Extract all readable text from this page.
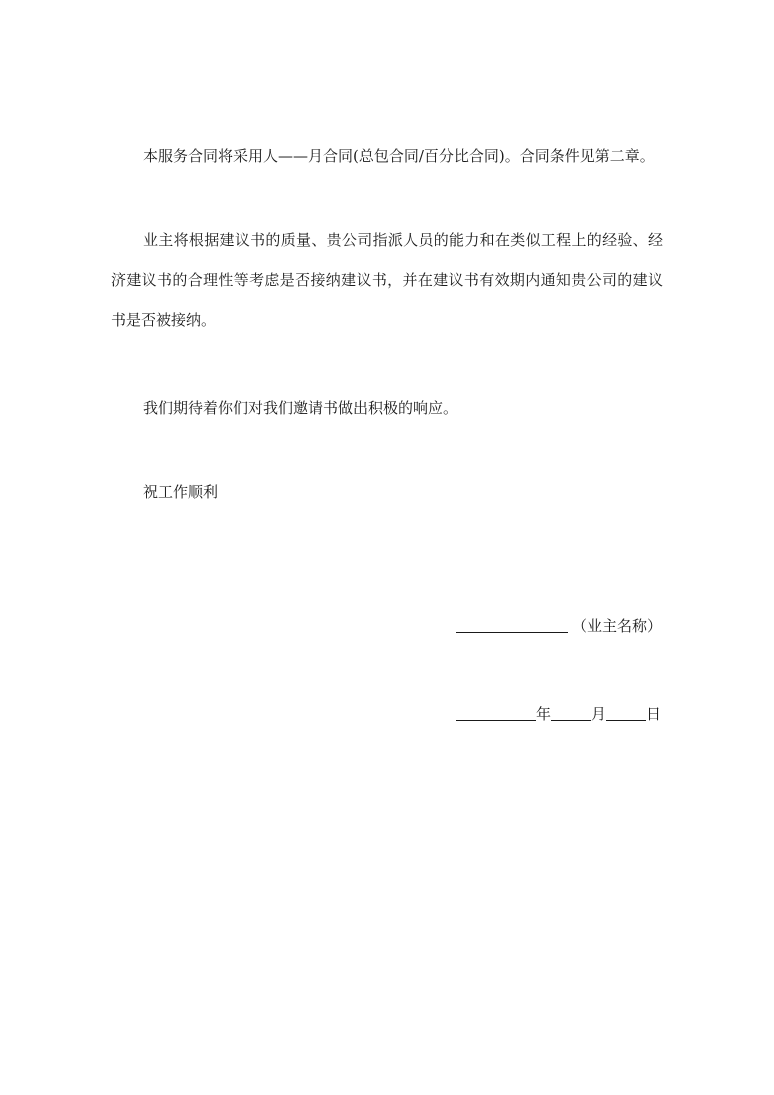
本服务合同将采用人——月合同(总包合同/百分比合同)。合同条件见第二章。

业主将根据建议书的质量、贵公司指派人员的能力和在类似工程上的经验、经济建议书的合理性等考虑是否接纳建议书，并在建议书有效期内通知贵公司的建议书是否被接纳。

我们期待着你们对我们邀请书做出积极的响应。

祝工作顺利

（业主名称）
年	月	日
